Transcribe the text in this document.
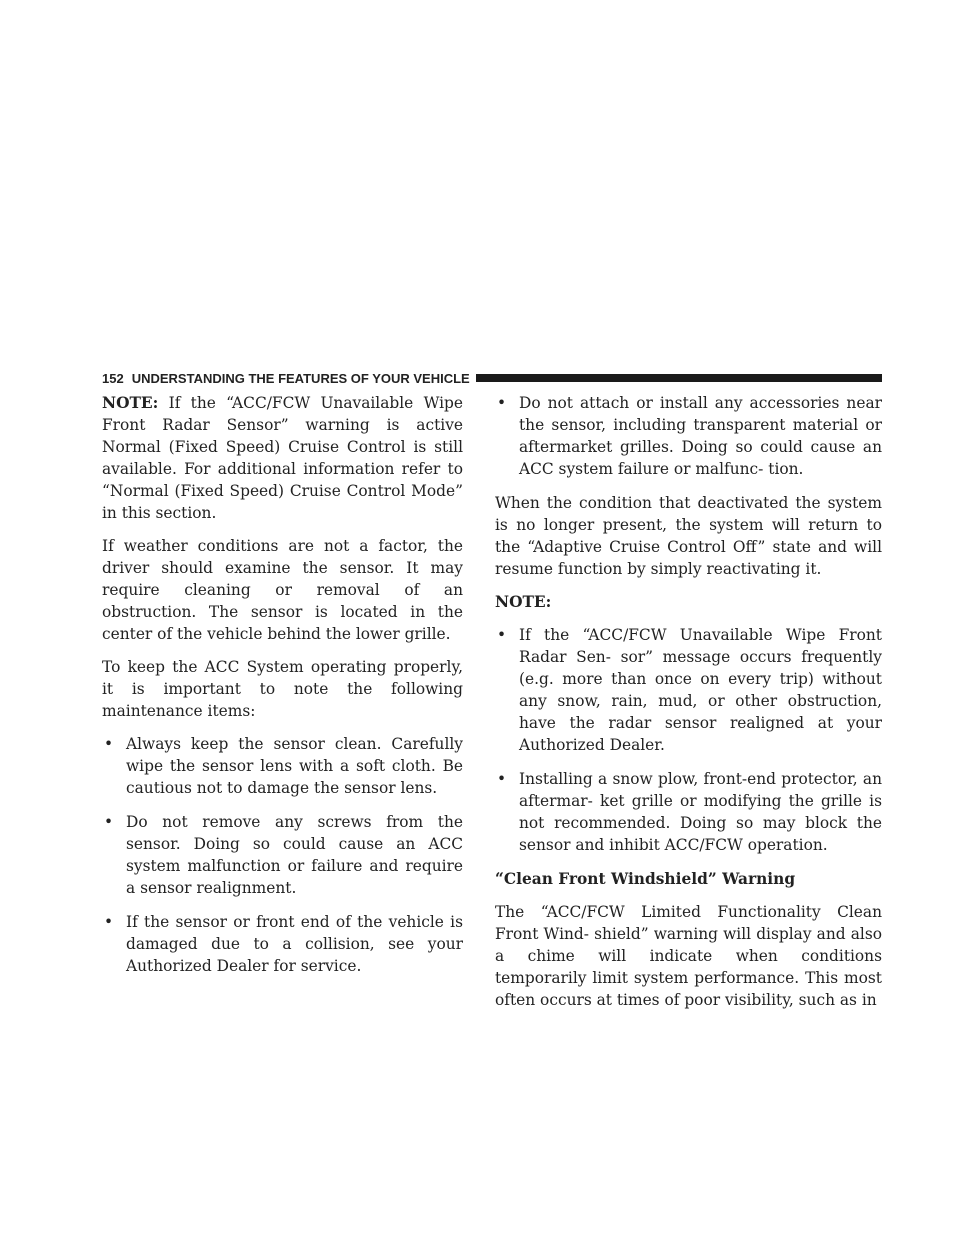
152 UNDERSTANDING THE FEATURES OF YOUR VEHICLE

NOTE: If the “ACC/FCW Unavailable Wipe Front Radar Sensor” warning is active Normal (Fixed Speed) Cruise Control is still available. For additional information refer to “Normal (Fixed Speed) Cruise Control Mode” in this section.

If weather conditions are not a factor, the driver should examine the sensor. It may require cleaning or removal of an obstruction. The sensor is located in the center of the vehicle behind the lower grille.

To keep the ACC System operating properly, it is important to note the following maintenance items:

• Always keep the sensor clean. Carefully wipe the sensor lens with a soft cloth. Be cautious not to damage the sensor lens.
• Do not remove any screws from the sensor. Doing so could cause an ACC system malfunction or failure and require a sensor realignment.
• If the sensor or front end of the vehicle is damaged due to a collision, see your Authorized Dealer for service.
• Do not attach or install any accessories near the sensor, including transparent material or aftermarket grilles. Doing so could cause an ACC system failure or malfunc- tion.

When the condition that deactivated the system is no longer present, the system will return to the “Adaptive Cruise Control Off” state and will resume function by simply reactivating it.

NOTE:

• If the “ACC/FCW Unavailable Wipe Front Radar Sen- sor” message occurs frequently (e.g. more than once on every trip) without any snow, rain, mud, or other obstruction, have the radar sensor realigned at your Authorized Dealer.
• Installing a snow plow, front-end protector, an aftermar- ket grille or modifying the grille is not recommended. Doing so may block the sensor and inhibit ACC/FCW operation.

“Clean Front Windshield” Warning

The “ACC/FCW Limited Functionality Clean Front Wind- shield” warning will display and also a chime will indicate when conditions temporarily limit system performance. This most often occurs at times of poor visibility, such as in
